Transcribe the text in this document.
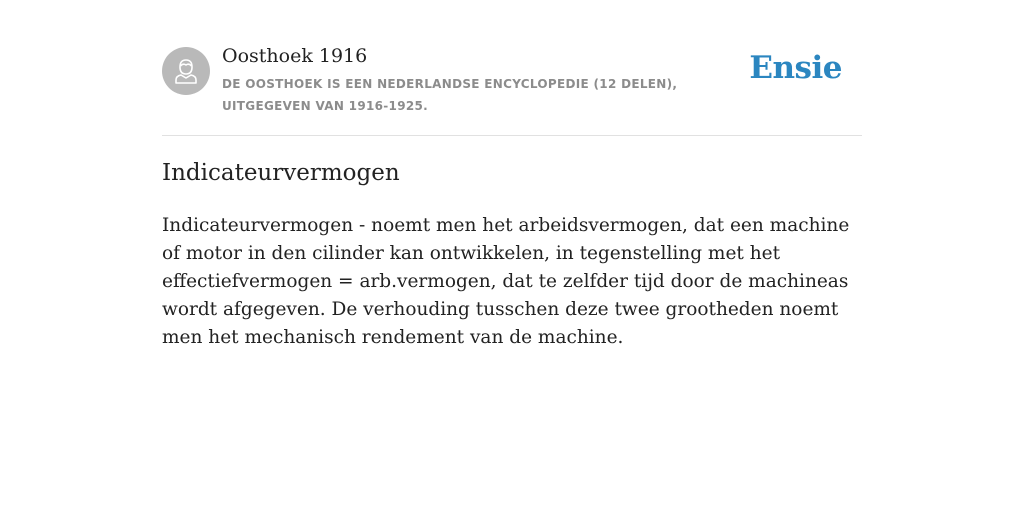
Oosthoek 1916
DE OOSTHOEK IS EEN NEDERLANDSE ENCYCLOPEDIE (12 DELEN), UITGEGEVEN VAN 1916-1925.
Ensie
Indicateurvermogen

Indicateurvermogen - noemt men het arbeidsvermogen, dat een machine of motor in den cilinder kan ontwikkelen, in tegenstelling met het effectiefvermogen = arb.vermogen, dat te zelfder tijd door de machineas wordt afgegeven. De verhouding tusschen deze twee grootheden noemt men het mechanisch rendement van de machine.
